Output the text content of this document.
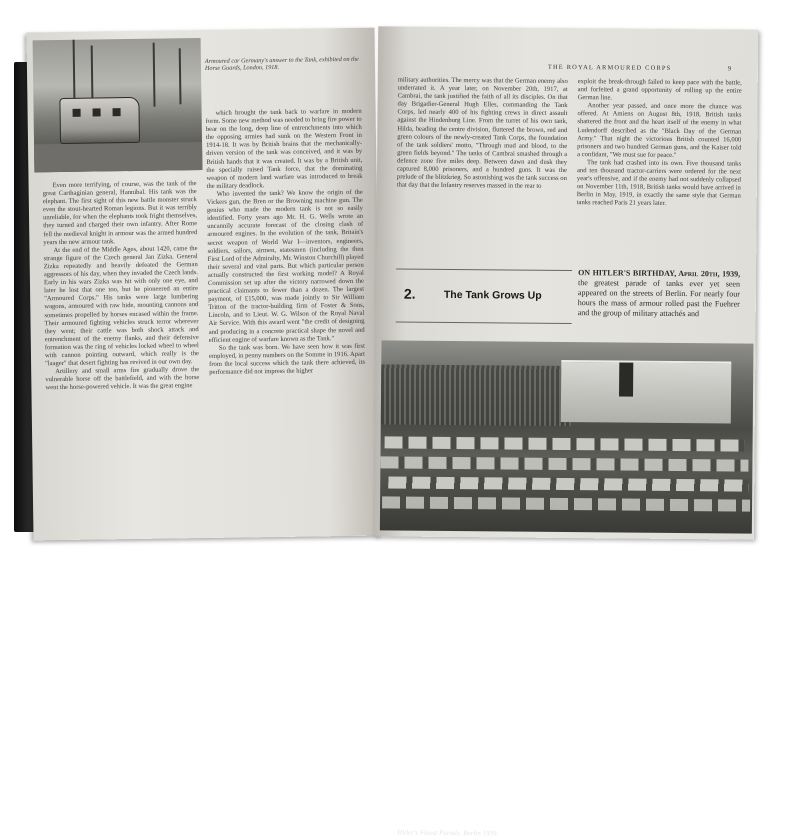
Armoured car Germany's answer to the Tank, exhibited on the Horse Guards, London, 1918.

Even more terrifying, of course, was the tank of the great Carthaginian general, Hannibal. His tank was the elephant. The first sight of this new battle monster struck even the stout-hearted Roman legions. But it was terribly unreliable, for when the elephants took fright themselves, they turned and charged their own infantry. After Rome fell the medieval knight in armour was the armed hundred years the new armour tank.

At the end of the Middle Ages, about 1420, came the strange figure of the Czech general Jan Zizka. General Zizka repeatedly and heavily defeated the German aggressors of his day, when they invaded the Czech lands. Early in his wars Zizka was hit with only one eye, and later he lost that one too, but he pioneered an entire "Armoured Corps." His tanks were large lumbering wagons, armoured with raw hide, mounting cannons and sometimes propelled by horses encased within the frame. Their armoured fighting vehicles struck terror wherever they went; their cattle was both shock attack and entrenchment of the enemy flanks, and their defensive formation was the ring of vehicles locked wheel to wheel with cannon pointing outward, which really is the "laager" that desert fighting has revived in our own day.

Artillery and small arms fire gradually drove the vulnerable horse off the battlefield, and with the horse went the horse-powered vehicle. It was the great engine

which brought the tank back to warfare in modern form. Some new method was needed to bring fire power to bear on the long, deep line of entrenchments into which the opposing armies had sunk on the Western Front in 1914-18. It was by British brains that the mechanically-driven version of the tank was conceived, and it was by British hands that it was created. It was by a British unit, the specially raised Tank force, that the dominating weapon of modern land warfare was introduced to break the military deadlock.

Who invented the tank? We know the origin of the Vickers gun, the Bren or the Browning machine gun. The genius who made the modern tank is not so easily identified. Forty years ago Mr. H. G. Wells wrote an uncannily accurate forecast of the closing clash of armoured engines. In the evolution of the tank, Britain's secret weapon of World War I—inventors, engineers, soldiers, sailors, airmen, statesmen (including the then First Lord of the Admiralty, Mr. Winston Churchill) played their several and vital parts. But which particular person actually constructed the first working model? A Royal Commission set up after the victory narrowed down the practical claimants to fewer than a dozen. The largest payment, of £15,000, was made jointly to Sir William Tritton of the tractor-building firm of Foster & Sons, Lincoln, and to Lieut. W. G. Wilson of the Royal Naval Air Service. With this award went "the credit of designing and producing in a concrete practical shape the novel and efficient engine of warfare known as the Tank."

So the tank was born. We have seen how it was first employed, in penny numbers on the Somme in 1916. Apart from the local success which the tank there achieved, its performance did not impress the higher

THE ROYAL ARMOURED CORPS	9

military authorities. The mercy was that the German enemy also underrated it. A year later, on November 20th, 1917, at Cambrai, the tank justified the faith of all its disciples. On that day Brigadier-General Hugh Elles, commanding the Tank Corps, led nearly 400 of his fighting crews in direct assault against the Hindenburg Line. From the turret of his own tank, Hilda, heading the centre division, fluttered the brown, red and green colours of the newly-created Tank Corps, the foundation of the tank soldiers' motto, "Through mud and blood, to the green fields beyond." The tanks of Cambrai smashed through a defence zone five miles deep. Between dawn and dusk they captured 8,000 prisoners, and a hundred guns. It was the prelude of the blitzkrieg. So astonishing was the tank success on that day that the Infantry reserves massed in the rear to

exploit the break-through failed to keep pace with the battle, and forfeited a grand opportunity of rolling up the entire German line.

Another year passed, and once more the chance was offered. At Amiens on August 8th, 1918, British tanks shattered the front and the heart itself of the enemy in what Ludendorff described as the "Black Day of the German Army." That night the victorious British counted 16,000 prisoners and two hundred German guns, and the Kaiser told a confidant, "We must sue for peace."

The tank had crashed into its own. Five thousand tanks and ten thousand tractor-carriers were ordered for the next year's offensive, and if the enemy had not suddenly collapsed on November 11th, 1918, British tanks would have arrived in Berlin in May, 1919, in exactly the same style that German tanks reached Paris 21 years later.

2.	The Tank Grows Up
ON HITLER'S BIRTHDAY, April 20th, 1939, the greatest parade of tanks ever yet seen appeared on the streets of Berlin. For nearly four hours the mass of armour rolled past the Fuehrer and the group of military attachés and
Hitler's Finest Parade, Berlin 1939.
